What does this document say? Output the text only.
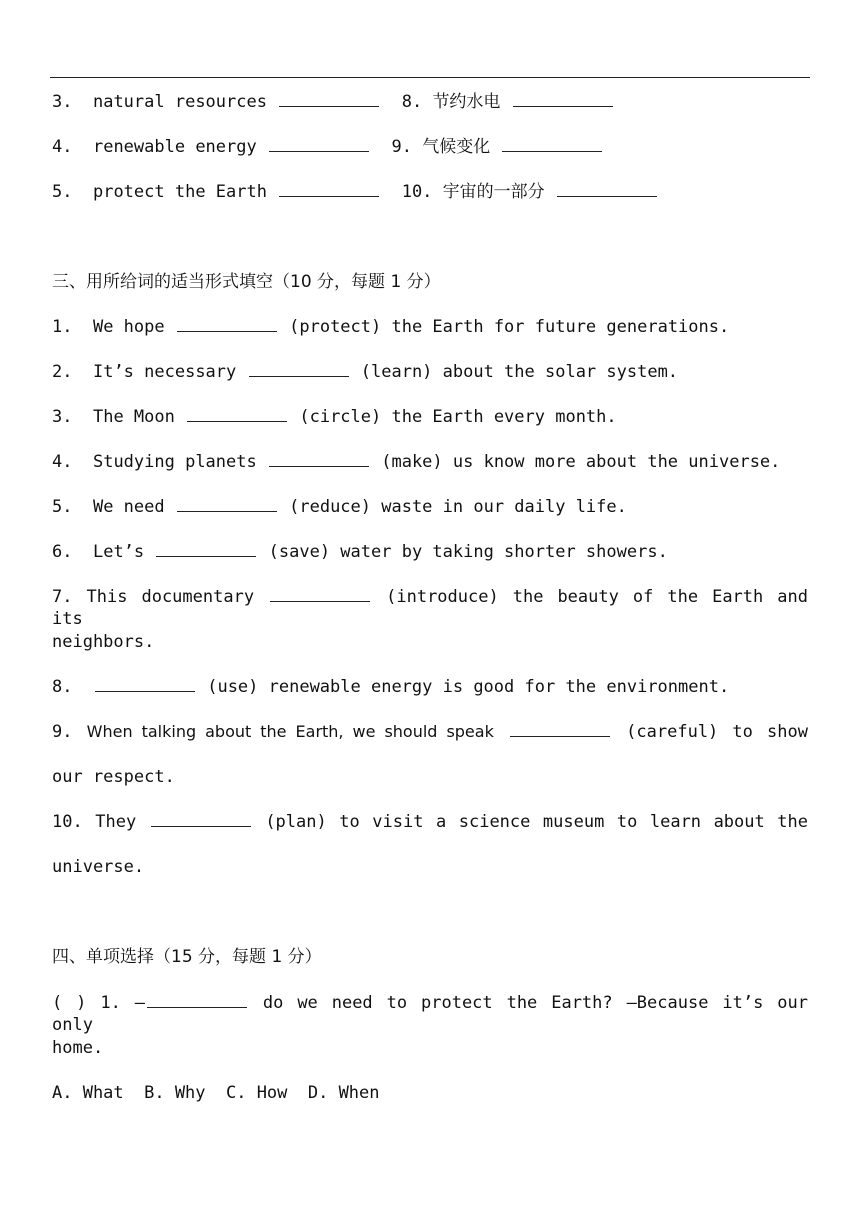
3. natural resources	8. 节约水电
4. renewable energy	9. 气候变化
5. protect the Earth	10. 宇宙的一部分
三、用所给词的适当形式填空（10 分，每题 1 分）
1. We hope	(protect) the Earth for future generations.
2. It’s necessary	(learn) about the solar system.
3. The Moon	(circle) the Earth every month.
4. Studying planets	(make) us know more about the universe.
5. We need	(reduce) waste in our daily life.
6. Let’s	(save) water by taking shorter showers.
7. This documentary	(introduce) the beauty of the Earth and its
neighbors.
8.	(use) renewable energy is good for the environment.
9. When talking about the Earth, we should speak	(careful) to show
our respect.
10. They	(plan) to visit a science museum to learn about the
universe.
四、单项选择（15 分，每题 1 分）
( ) 1. —	do we need to protect the Earth? —Because it’s our only
home.
A. What  B. Why  C. How  D. When
